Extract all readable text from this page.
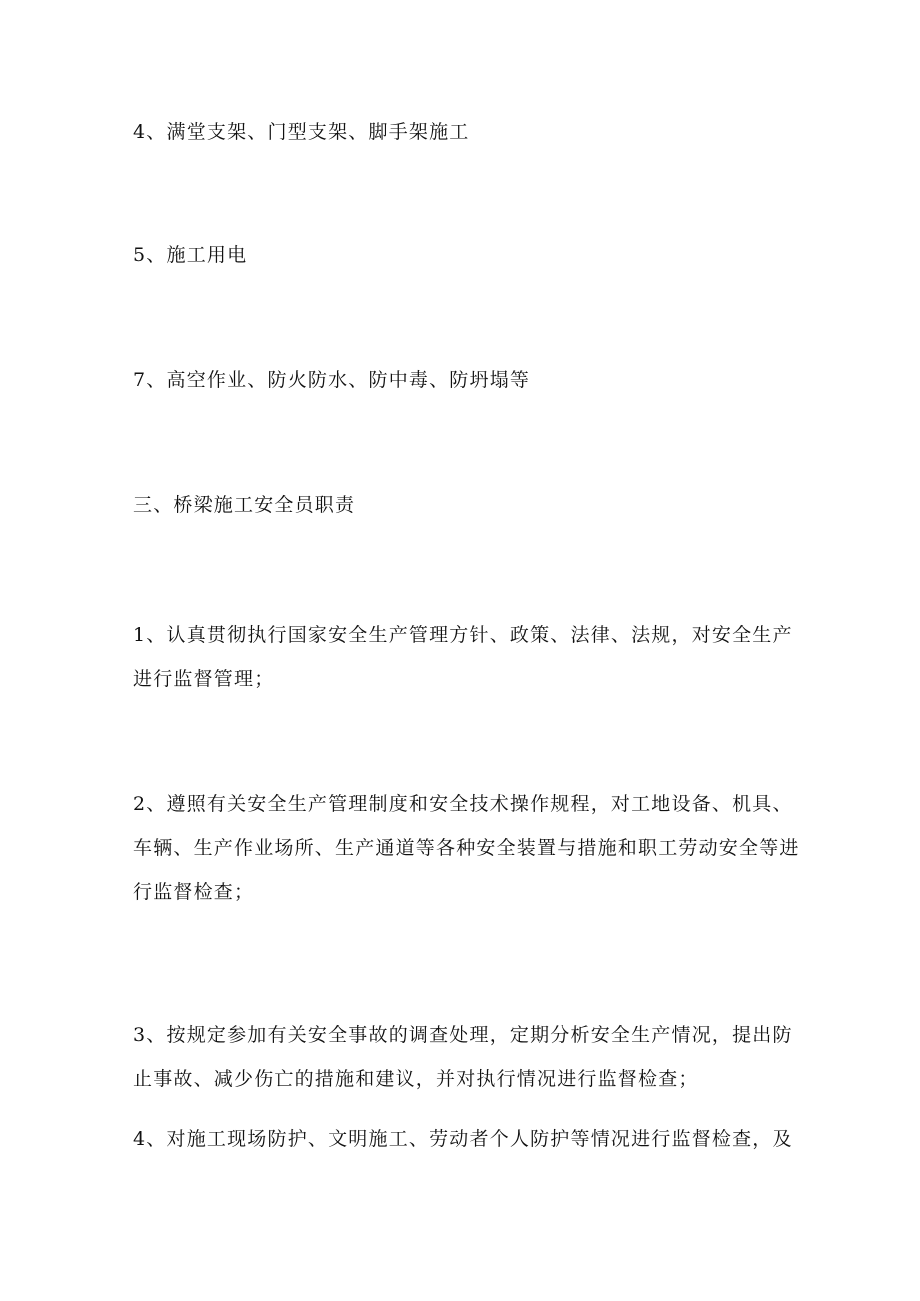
4、满堂支架、门型支架、脚手架施工

5、施工用电

7、高空作业、防火防水、防中毒、防坍塌等

三、桥梁施工安全员职责

1、认真贯彻执行国家安全生产管理方针、政策、法律、法规，对安全生产
进行监督管理；

2、遵照有关安全生产管理制度和安全技术操作规程，对工地设备、机具、
车辆、生产作业场所、生产通道等各种安全装置与措施和职工劳动安全等进
行监督检查；

3、按规定参加有关安全事故的调查处理，定期分析安全生产情况，提出防
止事故、减少伤亡的措施和建议，并对执行情况进行监督检查；

4、对施工现场防护、文明施工、劳动者个人防护等情况进行监督检查，及
